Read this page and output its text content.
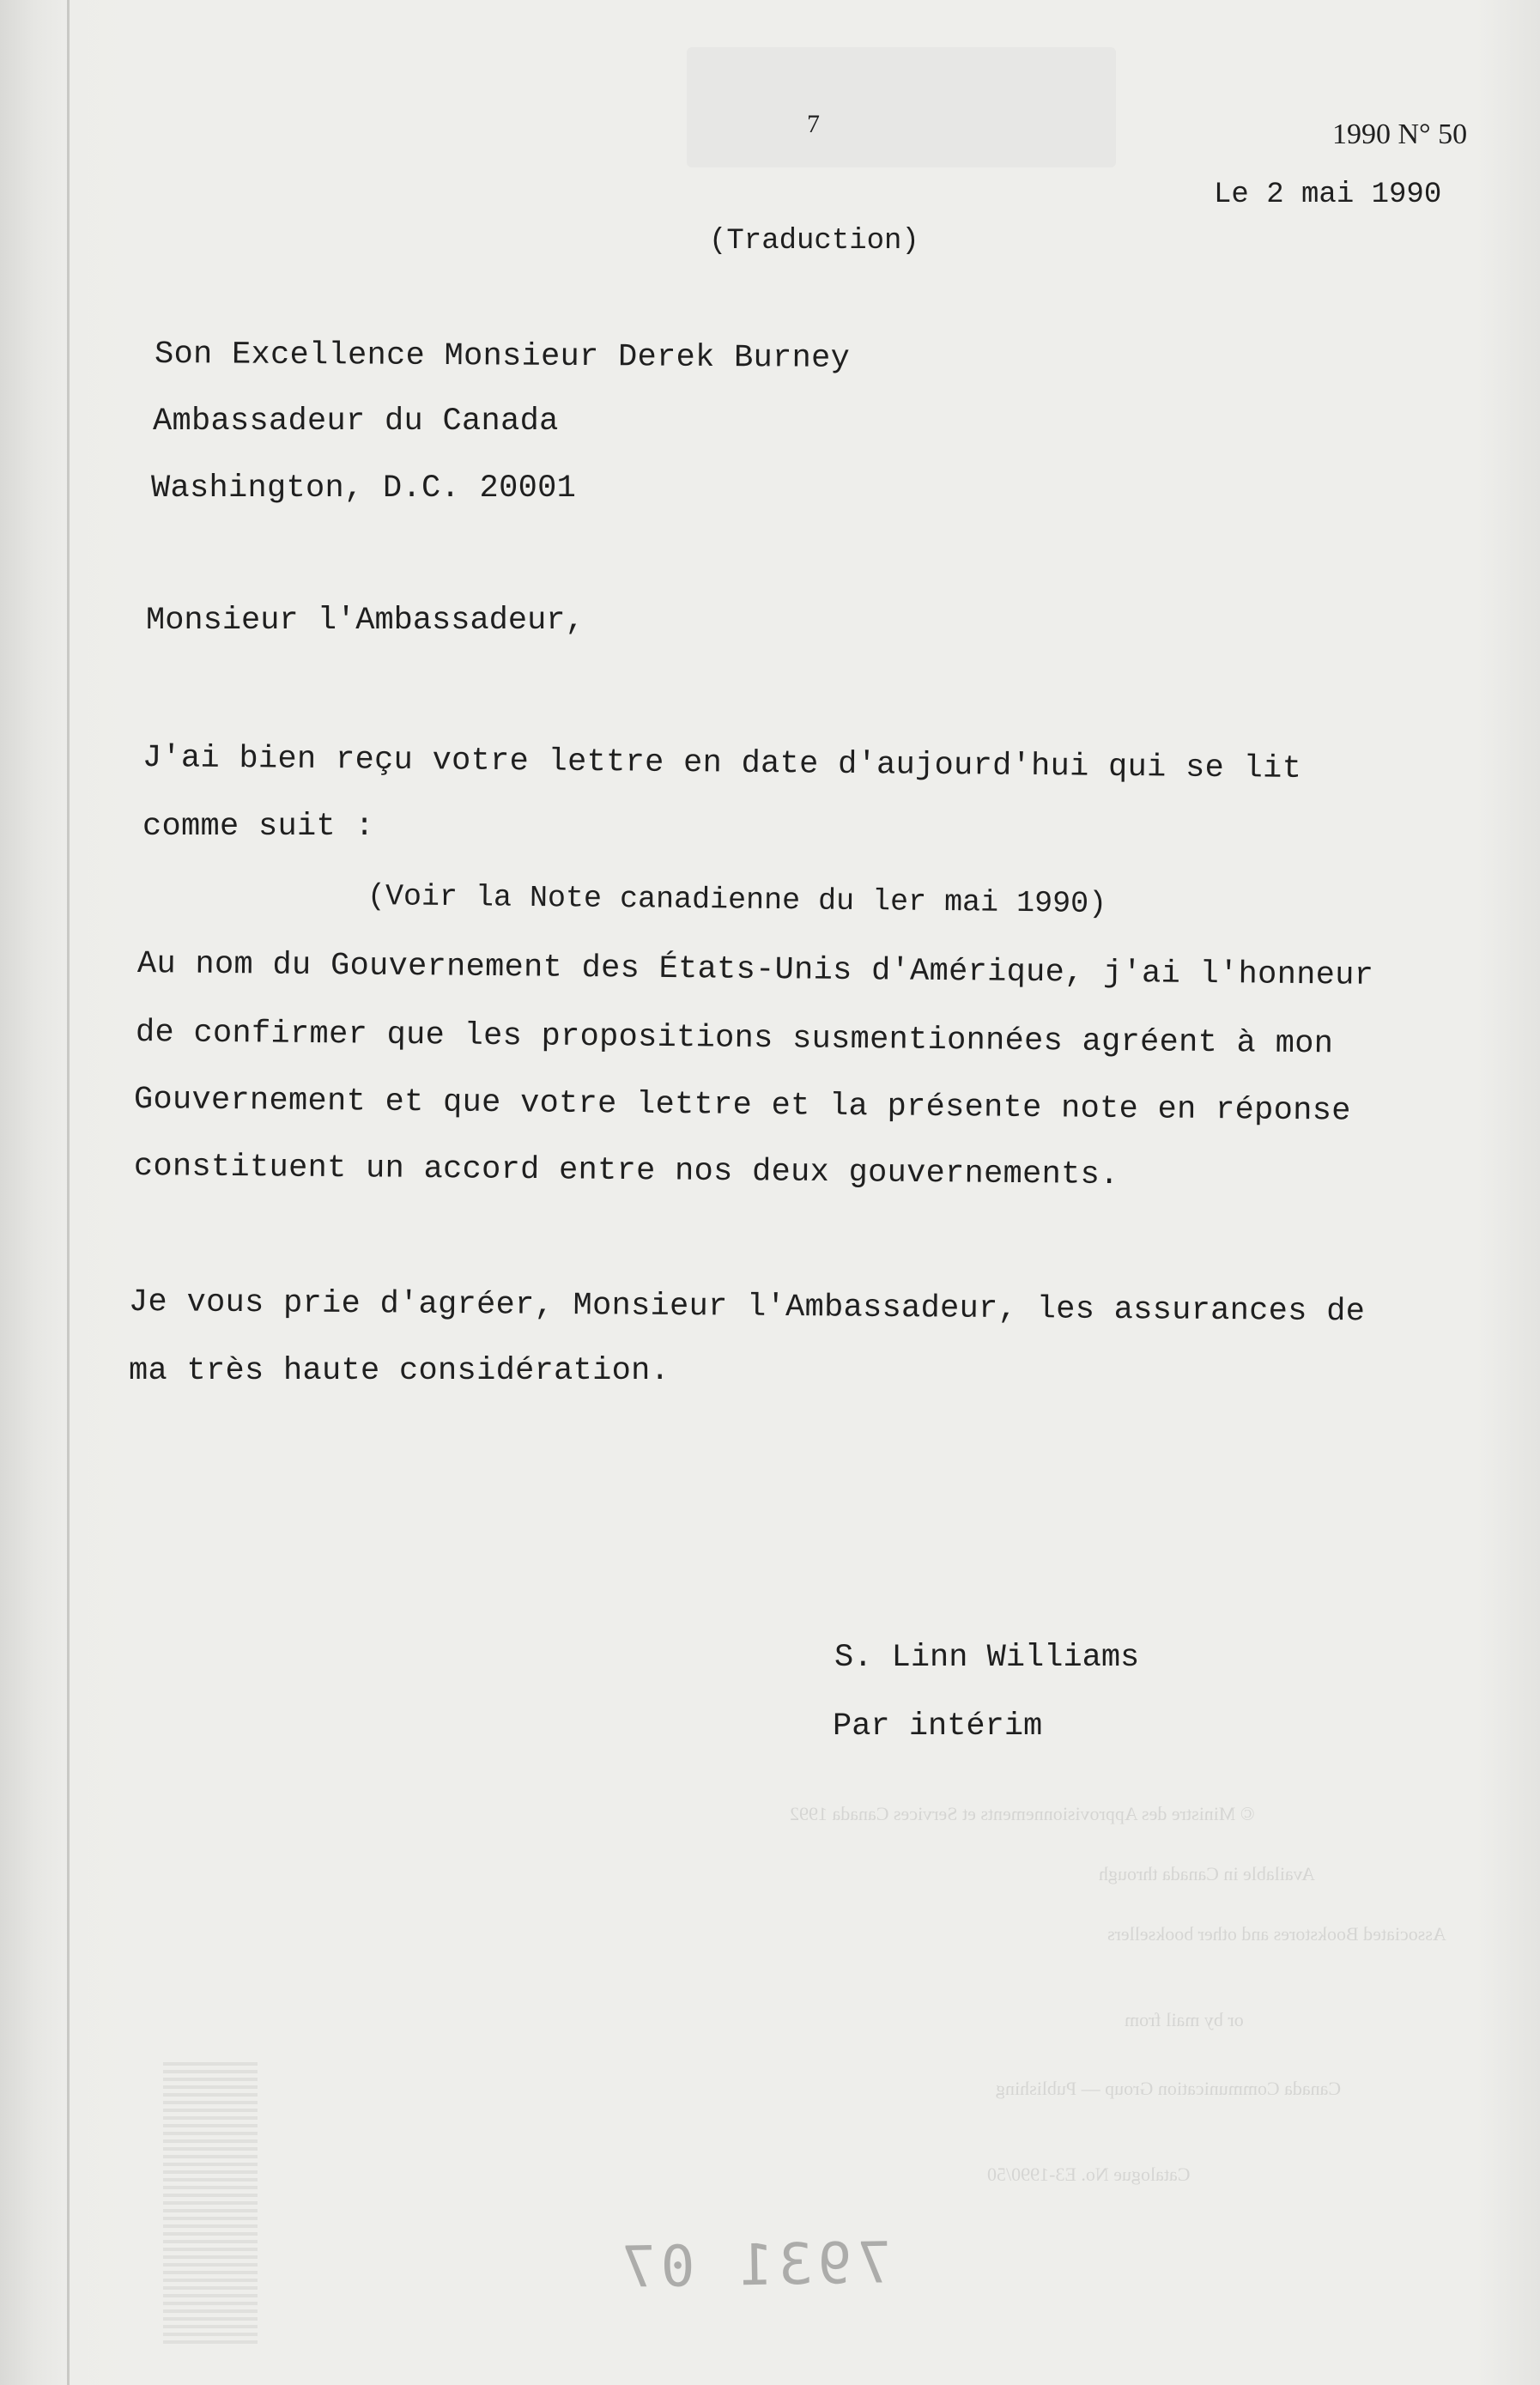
© Ministre des Approvisionnements et Services Canada 1992
Available in Canada through
Associated Bookstores and other booksellers
or by mail from
Canada Communication Group — Publishing
Catalogue No. E3-1990/50
7	1990 N° 50
Le 2 mai 1990
(Traduction)
Son Excellence Monsieur Derek Burney
Ambassadeur du Canada
Washington, D.C. 20001
Monsieur l'Ambassadeur,
J'ai bien reçu votre lettre en date d'aujourd'hui qui se lit
comme suit :
(Voir la Note canadienne du ler mai 1990)
Au nom du Gouvernement des États-Unis d'Amérique, j'ai l'honneur
de confirmer que les propositions susmentionnées agréent à mon
Gouvernement et que votre lettre et la présente note en réponse
constituent un accord entre nos deux gouvernements.
Je vous prie d'agréer, Monsieur l'Ambassadeur, les assurances de
ma très haute considération.
S. Linn Williams
Par intérim
7931 07
